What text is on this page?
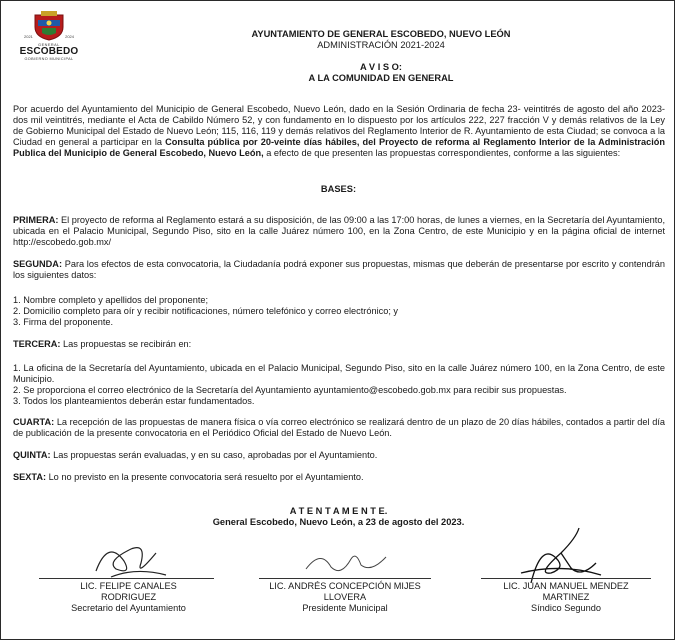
2021	2024
GENERAL
ESCOBEDO
GOBIERNO MUNICIPAL
AYUNTAMIENTO DE GENERAL ESCOBEDO, NUEVO LEÓN
ADMINISTRACIÓN 2021-2024
A V I S O:
A LA COMUNIDAD EN GENERAL

Por acuerdo del Ayuntamiento del Municipio de General Escobedo, Nuevo León, dado en la Sesión Ordinaria de fecha 23- veintitrés de agosto del año 2023-dos mil veintitrés, mediante el Acta de Cabildo Número 52, y con fundamento en lo dispuesto por los artículos 222, 227 fracción V y demás relativos de la Ley de Gobierno Municipal del Estado de Nuevo León; 115, 116, 119 y demás relativos del Reglamento Interior de R. Ayuntamiento de esta Ciudad; se convoca a la Ciudad en general a participar en la Consulta pública por 20-veinte días hábiles, del Proyecto de reforma al Reglamento Interior de la Administración Publica del Municipio de General Escobedo, Nuevo León, a efecto de que presenten las propuestas correspondientes, conforme a las siguientes:

BASES:

PRIMERA: El proyecto de reforma al Reglamento estará a su disposición, de las 09:00 a las 17:00 horas, de lunes a viernes, en la Secretaría del Ayuntamiento, ubicada en el Palacio Municipal, Segundo Piso, sito en la calle Juárez número 100, en la Zona Centro, de este Municipio y en la página oficial de internet http://escobedo.gob.mx/

SEGUNDA: Para los efectos de esta convocatoria, la Ciudadanía podrá exponer sus propuestas, mismas que deberán de presentarse por escrito y contendrán los siguientes datos:

1. Nombre completo y apellidos del proponente;
2. Domicilio completo para oír y recibir notificaciones, número telefónico y correo electrónico; y
3. Firma del proponente.
TERCERA: Las propuestas se recibirán en:
1. La oficina de la Secretaría del Ayuntamiento, ubicada en el Palacio Municipal, Segundo Piso, sito en la calle Juárez número 100, en la Zona Centro, de este Municipio.
2. Se proporciona el correo electrónico de la Secretaría del Ayuntamiento ayuntamiento@escobedo.gob.mx para recibir sus propuestas.
3. Todos los planteamientos deberán estar fundamentados.

CUARTA: La recepción de las propuestas de manera física o vía correo electrónico se realizará dentro de un plazo de 20 días hábiles, contados a partir del día de publicación de la presente convocatoria en el Periódico Oficial del Estado de Nuevo León.

QUINTA: Las propuestas serán evaluadas, y en su caso, aprobadas por el Ayuntamiento.
SEXTA: Lo no previsto en la presente convocatoria será resuelto por el Ayuntamiento.
A T E N T A M E N T E.
General Escobedo, Nuevo León, a 23 de agosto del 2023.
LIC. FELIPE CANALES
RODRIGUEZ
Secretario del Ayuntamiento
LIC. ANDRÉS CONCEPCIÓN MIJES
LLOVERA
Presidente Municipal
LIC. JUAN MANUEL MENDEZ
MARTINEZ
Síndico Segundo
